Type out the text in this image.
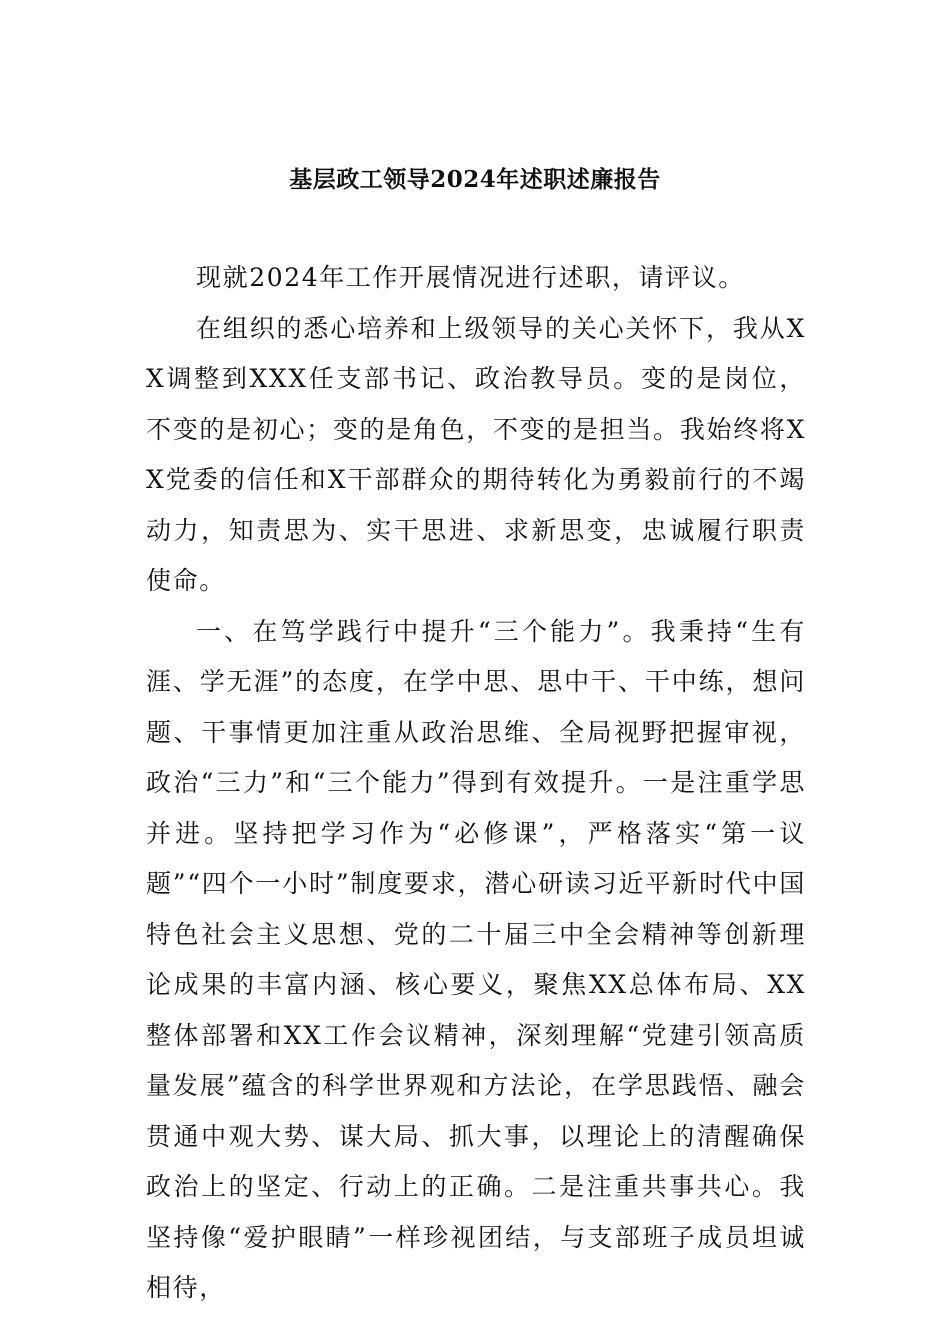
基层政工领导2024年述职述廉报告

现就2024年工作开展情况进行述职，请评议。

在组织的悉心培养和上级领导的关心关怀下，我从XX调整到XXX任支部书记、政治教导员。变的是岗位，不变的是初心；变的是角色，不变的是担当。我始终将XX党委的信任和X干部群众的期待转化为勇毅前行的不竭动力，知责思为、实干思进、求新思变，忠诚履行职责使命。

一、在笃学践行中提升“三个能力”。我秉持“生有涯、学无涯”的态度，在学中思、思中干、干中练，想问题、干事情更加注重从政治思维、全局视野把握审视，政治“三力”和“三个能力”得到有效提升。一是注重学思并进。坚持把学习作为“必修课”，严格落实“第一议题”“四个一小时”制度要求，潜心研读习近平新时代中国特色社会主义思想、党的二十届三中全会精神等创新理论成果的丰富内涵、核心要义，聚焦XX总体布局、XX整体部署和XX工作会议精神，深刻理解“党建引领高质量发展”蕴含的科学世界观和方法论，在学思践悟、融会贯通中观大势、谋大局、抓大事，以理论上的清醒确保政治上的坚定、行动上的正确。二是注重共事共心。我坚持像“爱护眼睛”一样珍视团结，与支部班子成员坦诚相待，
